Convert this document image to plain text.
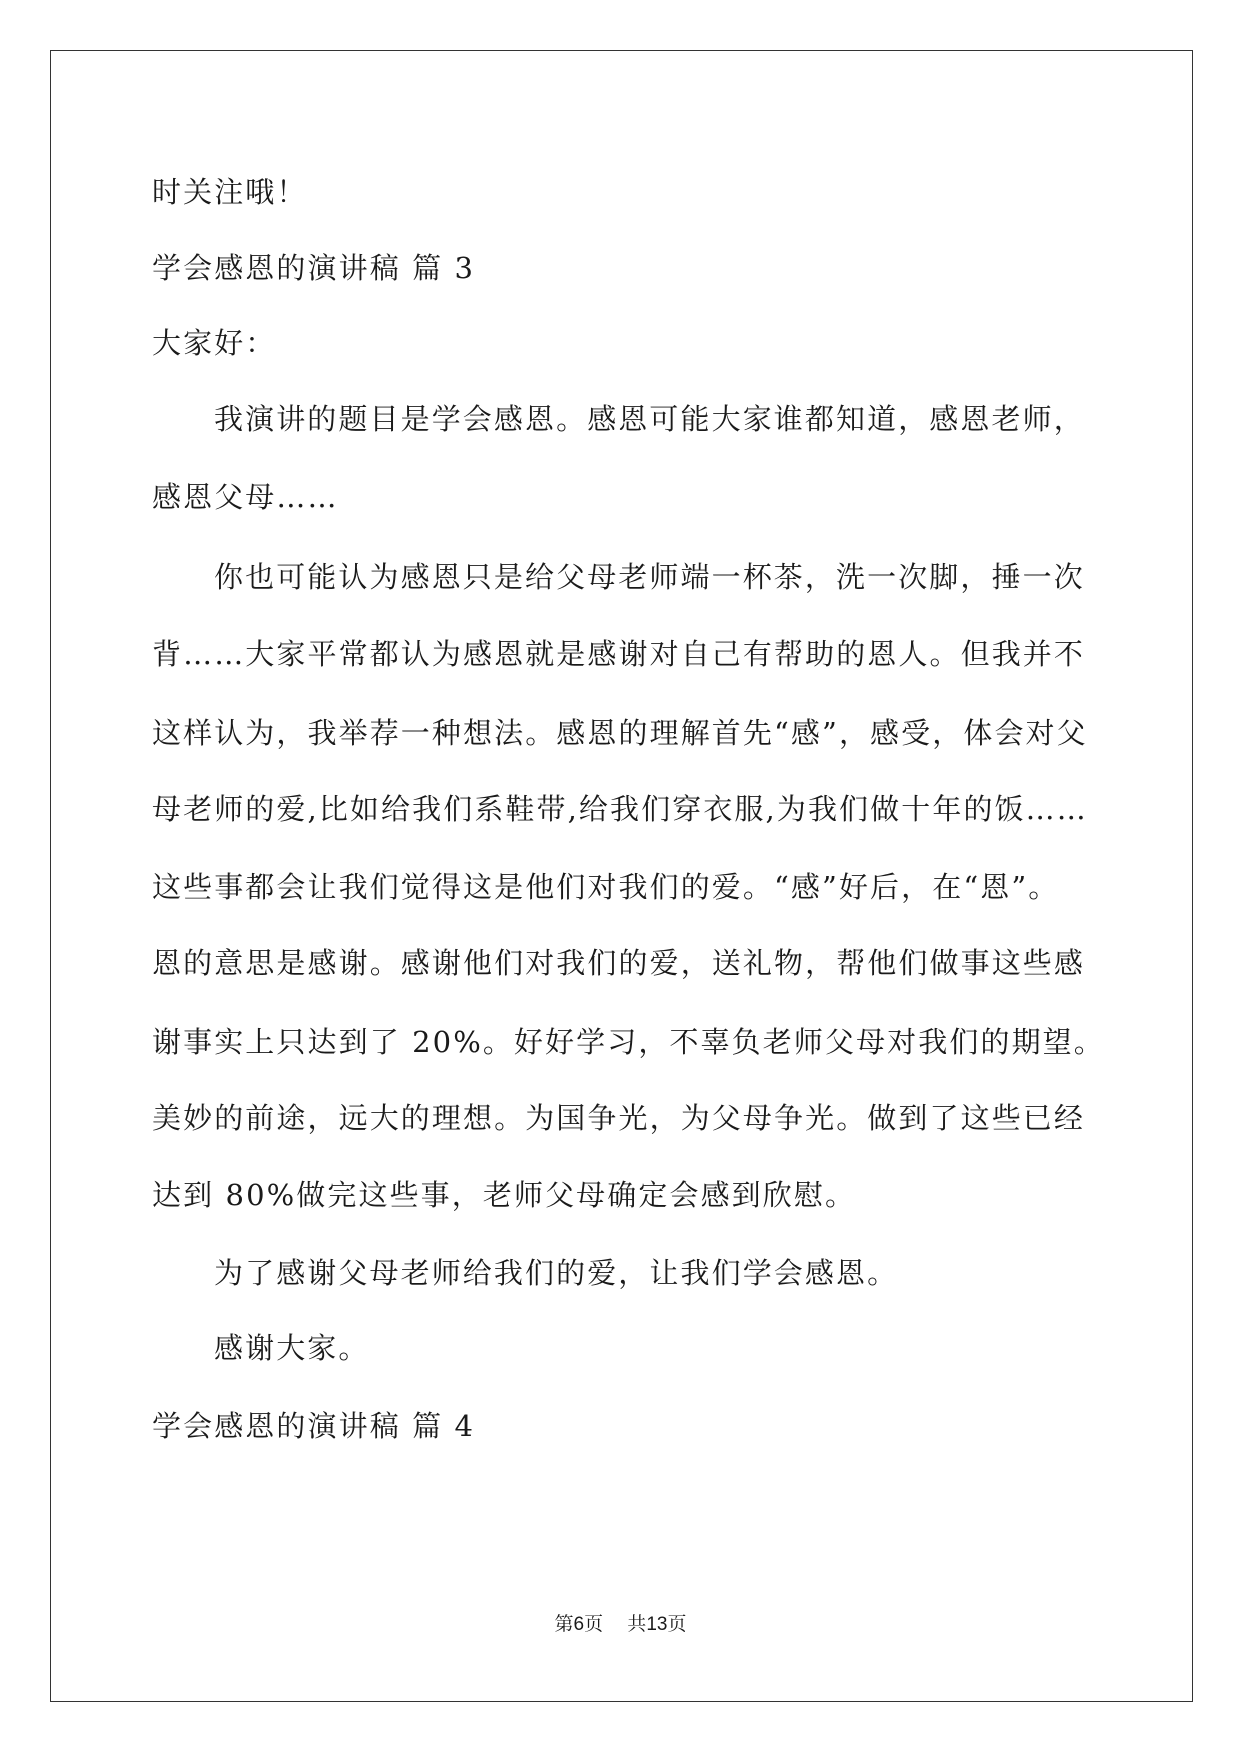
时关注哦！
学会感恩的演讲稿 篇 3
大家好：
我演讲的题目是学会感恩。感恩可能大家谁都知道，感恩老师，
感恩父母……
你也可能认为感恩只是给父母老师端一杯茶，洗一次脚，捶一次
背……大家平常都认为感恩就是感谢对自己有帮助的恩人。但我并不
这样认为，我举荐一种想法。感恩的理解首先“感”，感受，体会对父
母老师的爱,比如给我们系鞋带,给我们穿衣服,为我们做十年的饭……
这些事都会让我们觉得这是他们对我们的爱。“感”好后，在“恩”。
恩的意思是感谢。感谢他们对我们的爱，送礼物，帮他们做事这些感
谢事实上只达到了 20%。好好学习，不辜负老师父母对我们的期望。
美妙的前途，远大的理想。为国争光，为父母争光。做到了这些已经
达到 80%做完这些事，老师父母确定会感到欣慰。
为了感谢父母老师给我们的爱，让我们学会感恩。
感谢大家。
学会感恩的演讲稿 篇 4
第6页 共13页
